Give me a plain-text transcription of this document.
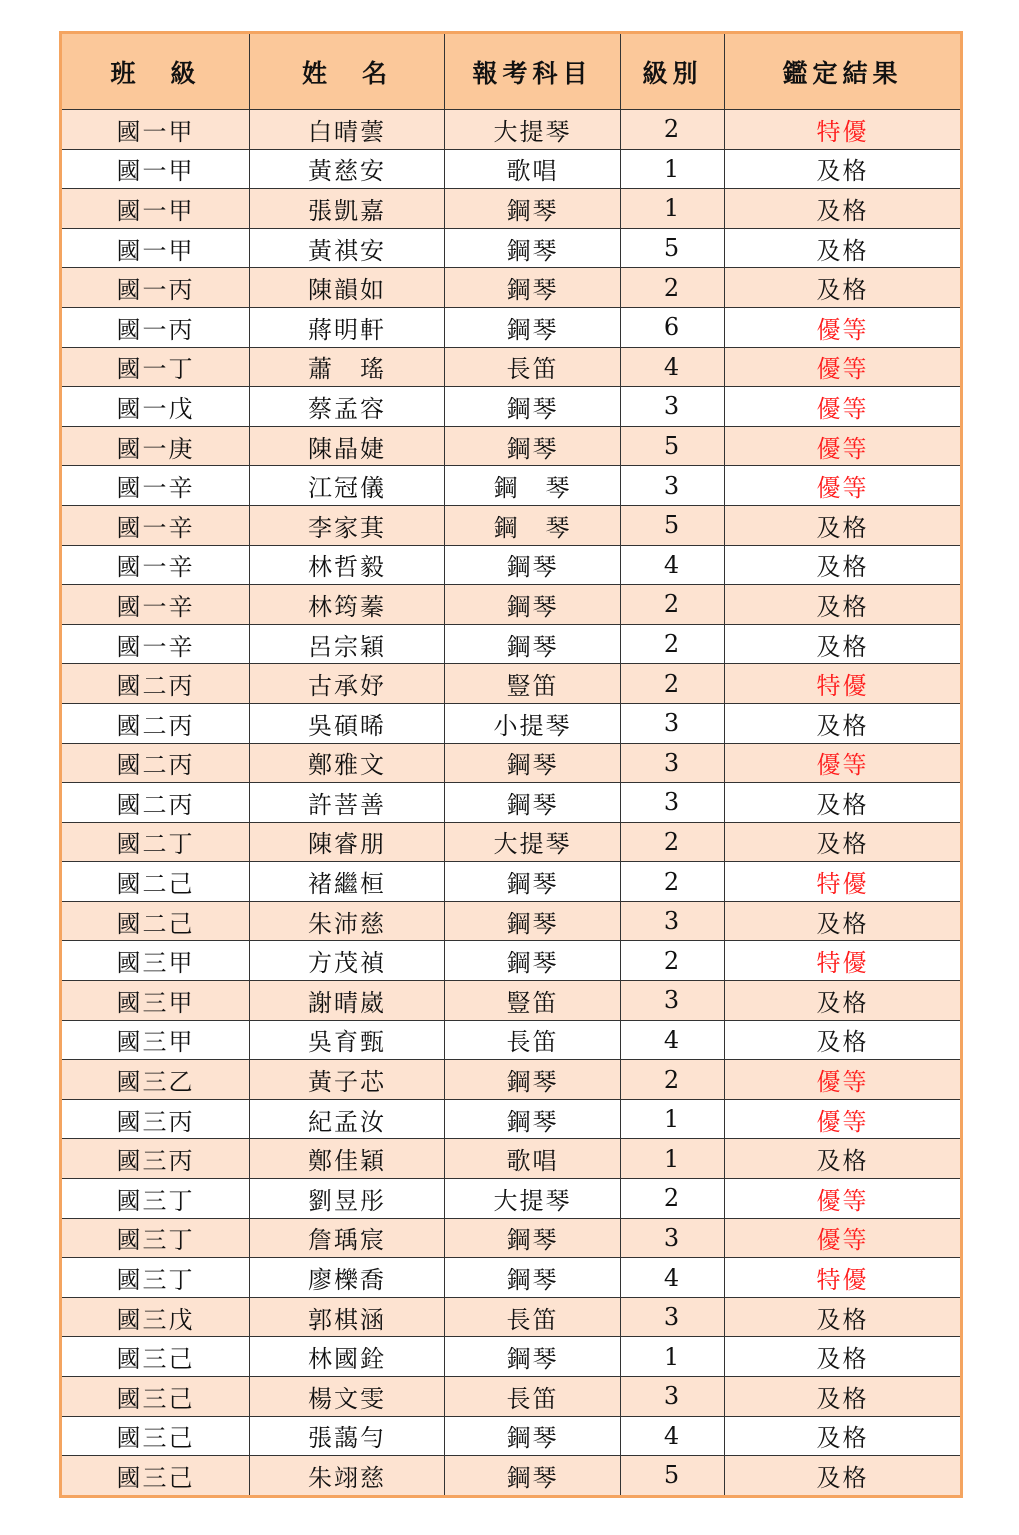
班　級	姓　名	報考科目	級別	鑑定結果
國一甲	白晴蕓	大提琴	2	特優
國一甲	黃慈安	歌唱	1	及格
國一甲	張凱嘉	鋼琴	1	及格
國一甲	黃祺安	鋼琴	5	及格
國一丙	陳韻如	鋼琴	2	及格
國一丙	蔣明軒	鋼琴	6	優等
國一丁	蕭　瑤	長笛	4	優等
國一戊	蔡孟容	鋼琴	3	優等
國一庚	陳晶婕	鋼琴	5	優等
國一辛	江冠儀	鋼　琴	3	優等
國一辛	李家萁	鋼　琴	5	及格
國一辛	林哲毅	鋼琴	4	及格
國一辛	林筠蓁	鋼琴	2	及格
國一辛	呂宗穎	鋼琴	2	及格
國二丙	古承妤	豎笛	2	特優
國二丙	吳碩晞	小提琴	3	及格
國二丙	鄭雅文	鋼琴	3	優等
國二丙	許菩善	鋼琴	3	及格
國二丁	陳睿朋	大提琴	2	及格
國二己	褚繼桓	鋼琴	2	特優
國二己	朱沛慈	鋼琴	3	及格
國三甲	方茂禎	鋼琴	2	特優
國三甲	謝晴崴	豎笛	3	及格
國三甲	吳育甄	長笛	4	及格
國三乙	黃子芯	鋼琴	2	優等
國三丙	紀孟汝	鋼琴	1	優等
國三丙	鄭佳穎	歌唱	1	及格
國三丁	劉昱彤	大提琴	2	優等
國三丁	詹瑀宸	鋼琴	3	優等
國三丁	廖櫟喬	鋼琴	4	特優
國三戊	郭棋涵	長笛	3	及格
國三己	林國銓	鋼琴	1	及格
國三己	楊文雯	長笛	3	及格
國三己	張藹勻	鋼琴	4	及格
國三己	朱翊慈	鋼琴	5	及格
